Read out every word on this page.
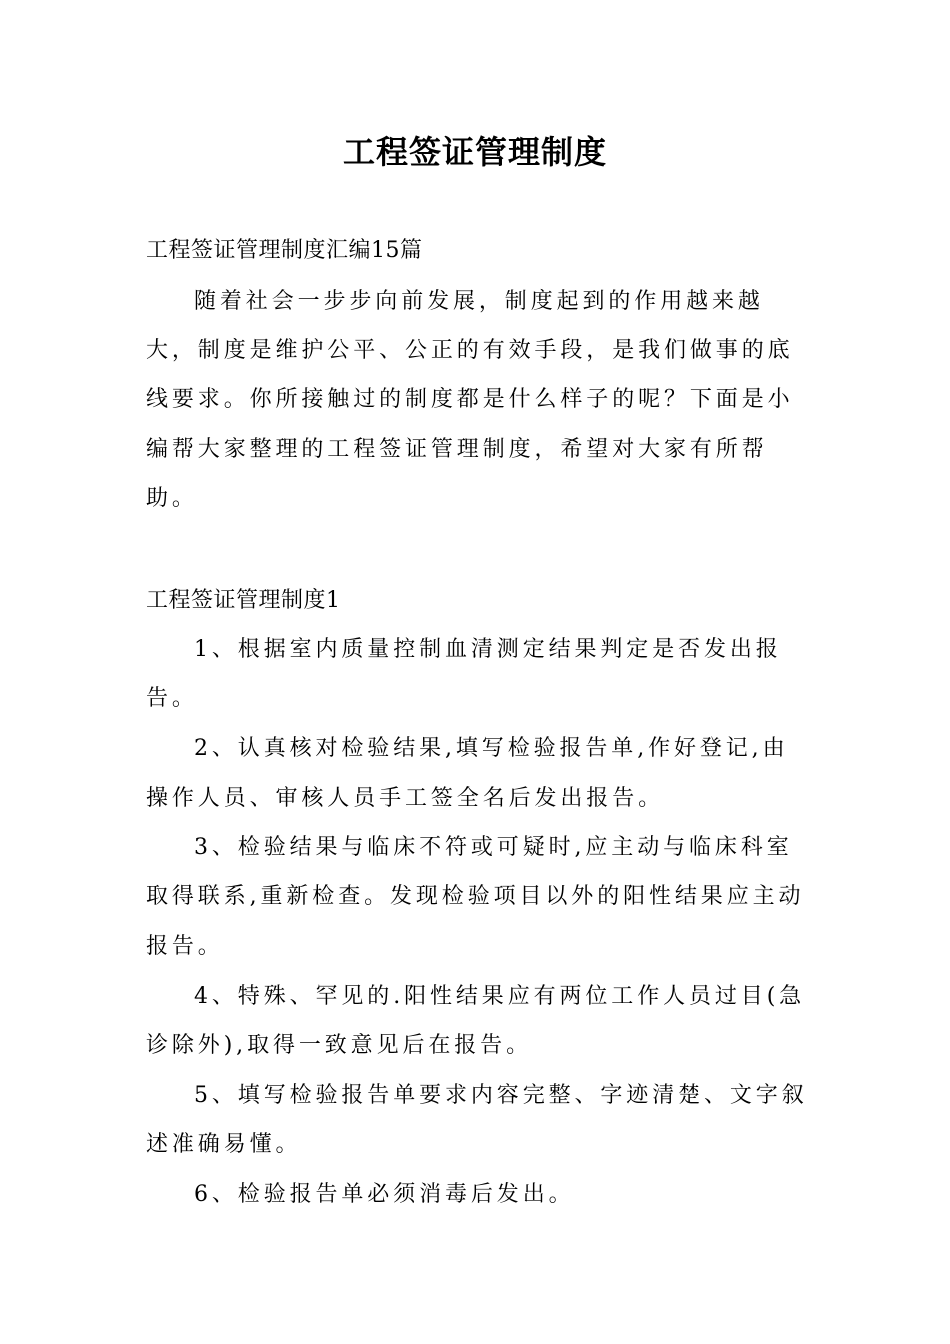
工程签证管理制度

工程签证管理制度汇编15篇

随着社会一步步向前发展，制度起到的作用越来越

大，制度是维护公平、公正的有效手段，是我们做事的底

线要求。你所接触过的制度都是什么样子的呢？下面是小

编帮大家整理的工程签证管理制度，希望对大家有所帮

助。

工程签证管理制度1

1、根据室内质量控制血清测定结果判定是否发出报

告。

2、认真核对检验结果,填写检验报告单,作好登记,由

操作人员、审核人员手工签全名后发出报告。

3、检验结果与临床不符或可疑时,应主动与临床科室

取得联系,重新检查。发现检验项目以外的阳性结果应主动

报告。

4、特殊、罕见的.阳性结果应有两位工作人员过目(急

诊除外),取得一致意见后在报告。

5、填写检验报告单要求内容完整、字迹清楚、文字叙

述准确易懂。

6、检验报告单必须消毒后发出。
